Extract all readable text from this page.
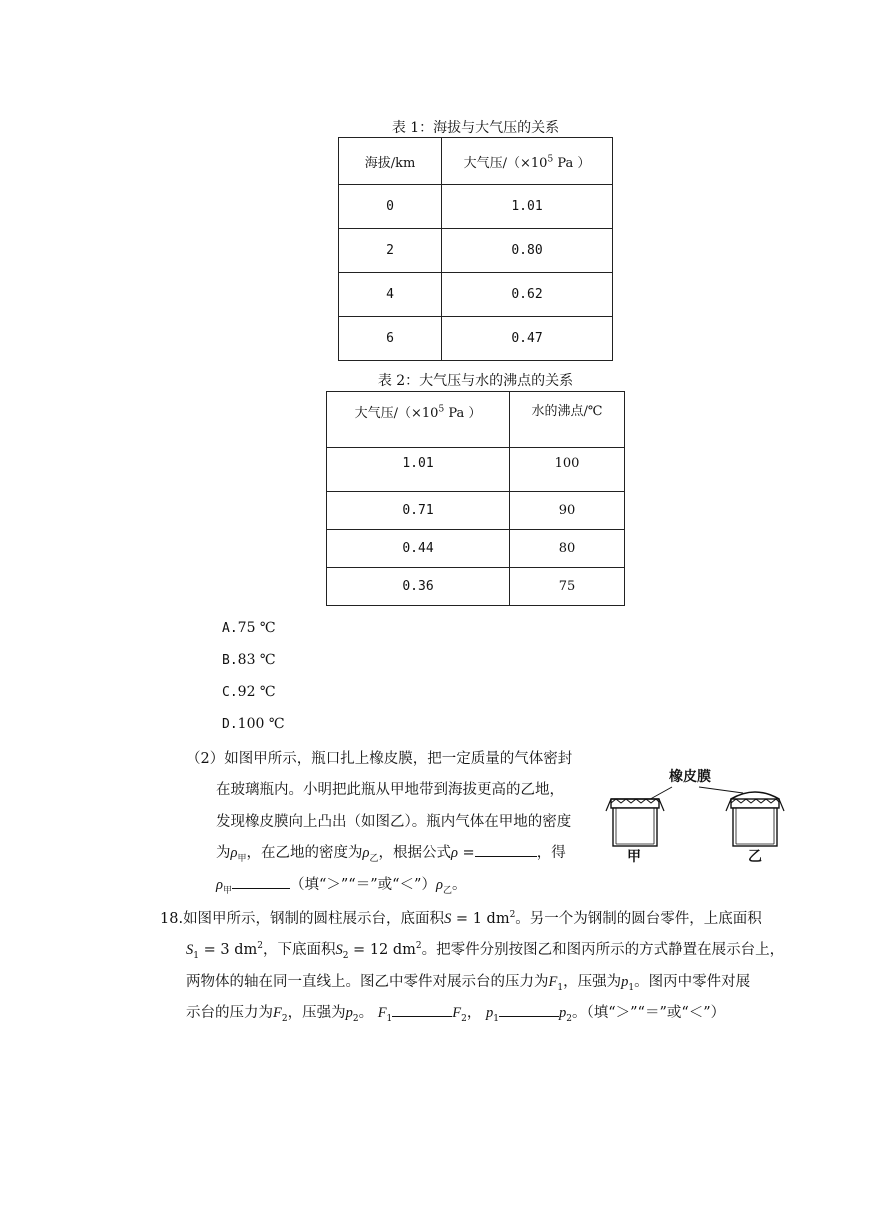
表 1：海拔与大气压的关系
海拔/km	大气压$/(\times 10^5$ Pa ）
0	1.01
2	0.80
4	0.62
6	0.47
表 2：大气压与水的沸点的关系
大气压$/(\times 10^5$ Pa ）	水的沸点/℃
1.01	100
0.71	90
0.44	80
0.36	75
A.75 ℃
B.83 ℃
C.92 ℃
D.100 ℃
（2）如图甲所示，瓶口扎上橡皮膜，把一定质量的气体密封
在玻璃瓶内。小明把此瓶从甲地带到海拔更高的乙地，
发现橡皮膜向上凸出（如图乙）。瓶内气体在甲地的密度
为$\rho_甲$，在乙地的密度为$\rho_乙$，根据公式ρ =	，得
$\rho_甲$	（填“＞”“＝”或“$<”)\rho_乙$。
橡皮膜
甲	乙
18.如图甲所示，钢制的圆柱展示台，底面积S = 1 $dm^2$。另一个为钢制的圆台零件，上底面积
$S_1 = 3$ $dm^2$，下底面积$S_2 = 12$ $dm^2$。把零件分别按图乙和图丙所示的方式静置在展示台上，
两物体的轴在同一直线上。图乙中零件对展示台的压力为$F_1$，压强为$p_1$。图丙中零件对展
示台的压力为$F_2$，压强为$p_2$。 $F_1$	$F_2$， $p_1$	$p_2$。（填“＞”“＝”或“＜”）
